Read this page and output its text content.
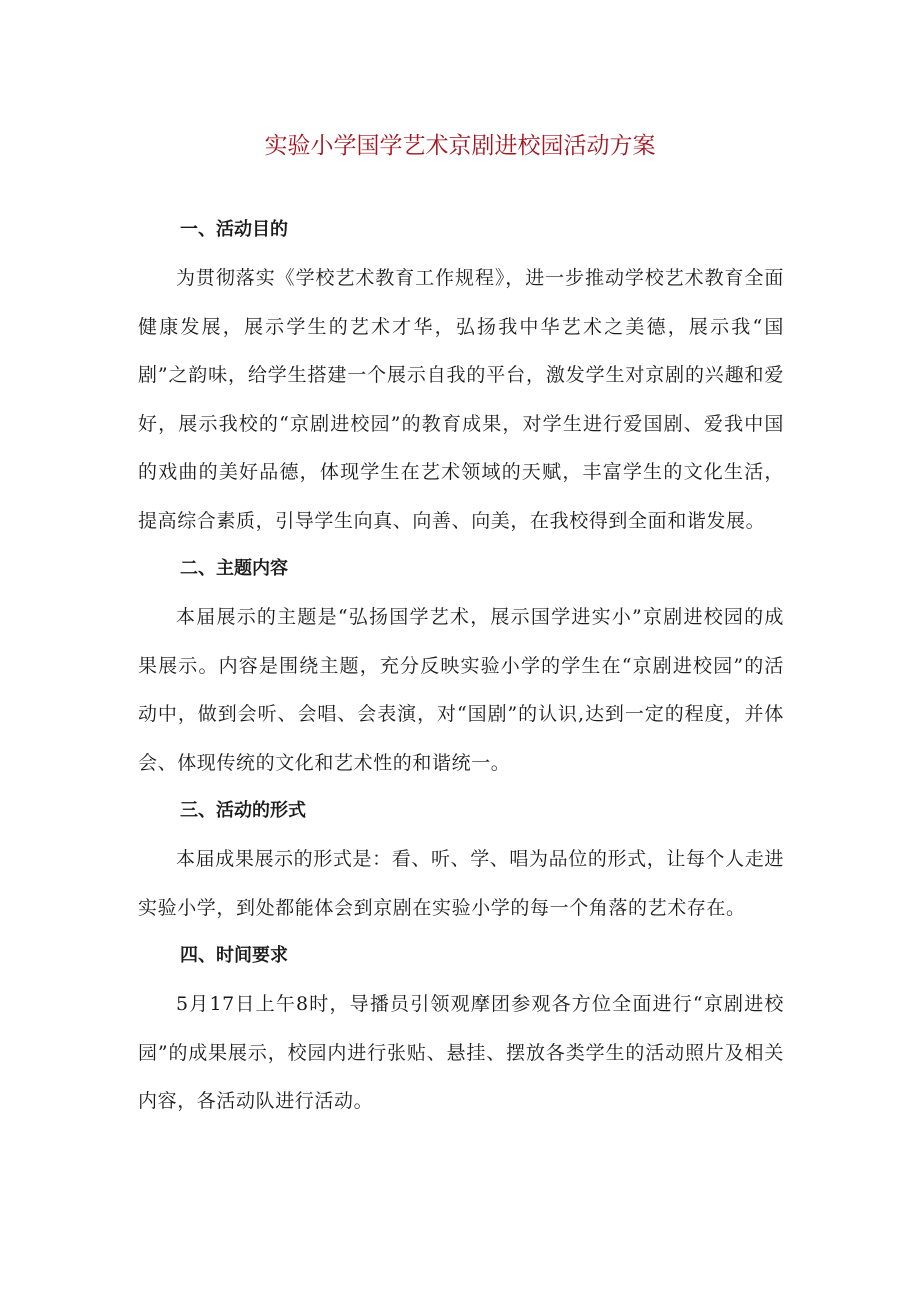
实验小学国学艺术京剧进校园活动方案
一、活动目的

为贯彻落实《学校艺术教育工作规程》，进一步推动学校艺术教育全面健康发展，展示学生的艺术才华，弘扬我中华艺术之美德，展示我“国剧”之韵味，给学生搭建一个展示自我的平台，激发学生对京剧的兴趣和爱好，展示我校的“京剧进校园”的教育成果，对学生进行爱国剧、爱我中国的戏曲的美好品德，体现学生在艺术领域的天赋，丰富学生的文化生活，提高综合素质，引导学生向真、向善、向美，在我校得到全面和谐发展。

二、主题内容

本届展示的主题是“弘扬国学艺术，展示国学进实小”京剧进校园的成果展示。内容是围绕主题，充分反映实验小学的学生在“京剧进校园”的活动中，做到会听、会唱、会表演，对“国剧”的认识,达到一定的程度，并体会、体现传统的文化和艺术性的和谐统一。

三、活动的形式

本届成果展示的形式是：看、听、学、唱为品位的形式，让每个人走进实验小学，到处都能体会到京剧在实验小学的每一个角落的艺术存在。

四、时间要求

5月17日上午8时，导播员引领观摩团参观各方位全面进行“京剧进校园”的成果展示，校园内进行张贴、悬挂、摆放各类学生的活动照片及相关内容，各活动队进行活动。
